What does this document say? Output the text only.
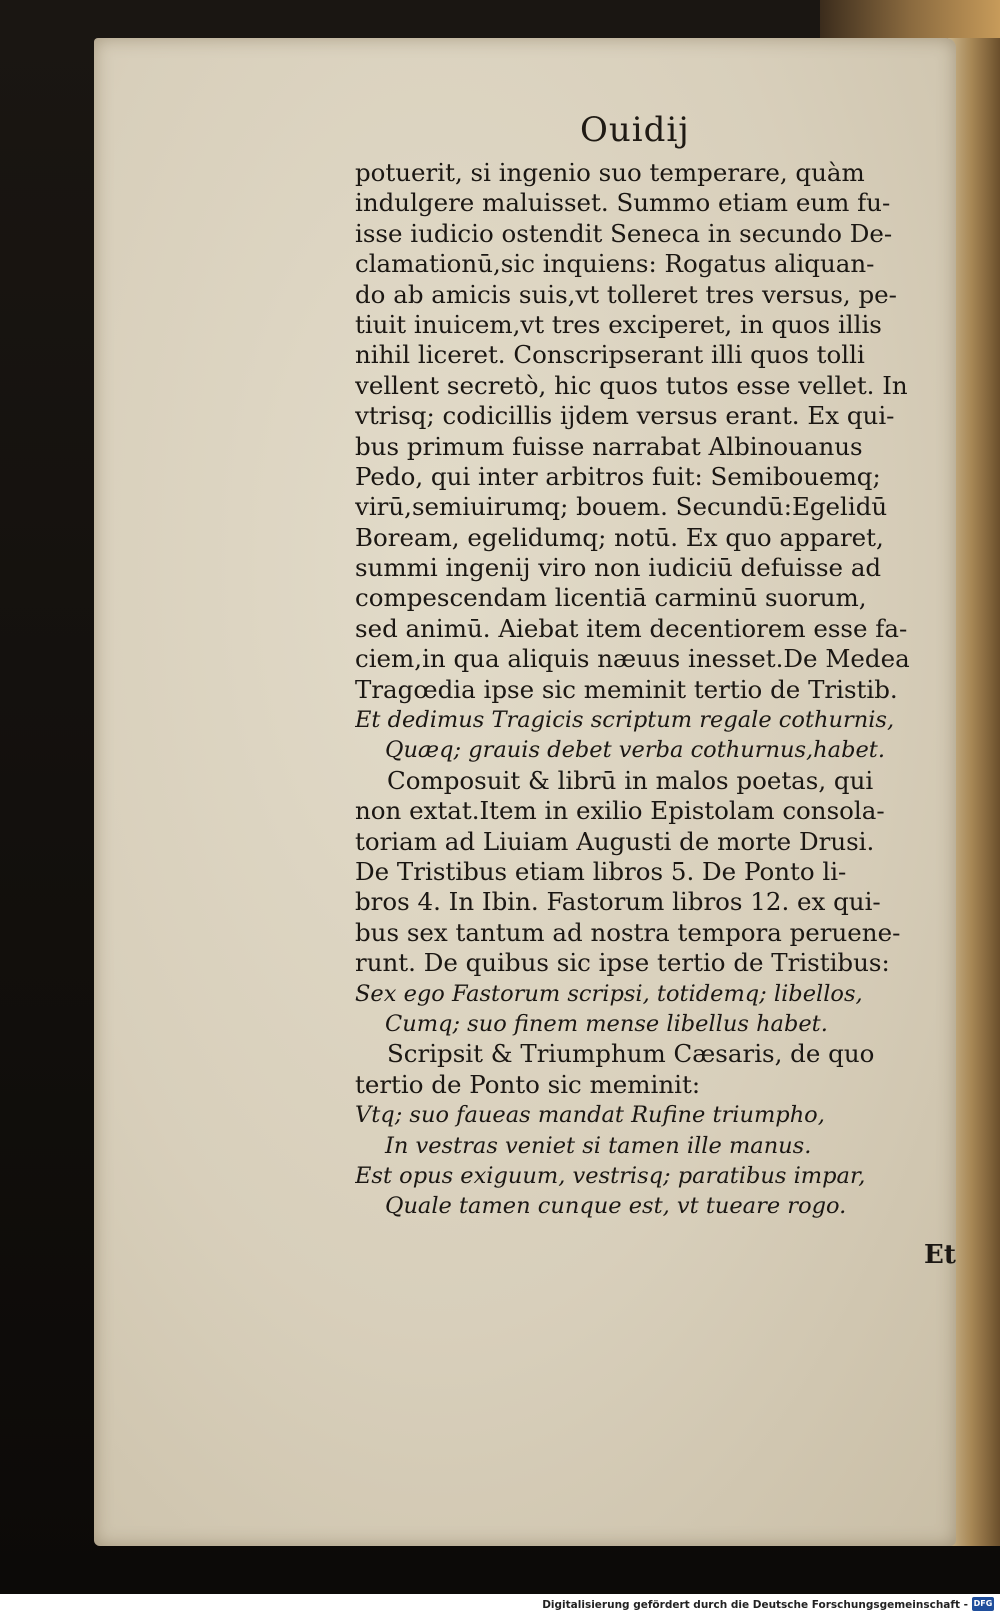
Ouidij
potuerit, si ingenio suo temperare, quàm
indulgere maluisset. Summo etiam eum fu-
isse iudicio ostendit Seneca in secundo De-
clamationū,sic inquiens: Rogatus aliquan-
do ab amicis suis,vt tolleret tres versus, pe-
tiuit inuicem,vt tres exciperet, in quos illis
nihil liceret. Conscripserant illi quos tolli
vellent secretò, hic quos tutos esse vellet. In
vtrisq; codicillis ijdem versus erant. Ex qui-
bus primum fuisse narrabat Albinouanus
Pedo, qui inter arbitros fuit: Semibouemq;
virū,semiuirumq; bouem. Secundū:Egelidū
Boream, egelidumq; notū. Ex quo apparet,
summi ingenij viro non iudiciū defuisse ad
compescendam licentiā carminū suorum,
sed animū. Aiebat item decentiorem esse fa-
ciem,in qua aliquis næuus inesset.De Medea
Tragœdia ipse sic meminit tertio de Tristib.
Et dedimus Tragicis scriptum regale cothurnis,
Quæq; grauis debet verba cothurnus,habet.
Composuit & librū in malos poetas, qui
non extat.Item in exilio Epistolam consola-
toriam ad Liuiam Augusti de morte Drusi.
De Tristibus etiam libros 5. De Ponto li-
bros 4. In Ibin. Fastorum libros 12. ex qui-
bus sex tantum ad nostra tempora peruene-
runt. De quibus sic ipse tertio de Tristibus:
Sex ego Fastorum scripsi, totidemq; libellos,
Cumq; suo finem mense libellus habet.
Scripsit & Triumphum Cæsaris, de quo
tertio de Ponto sic meminit:
Vtq; suo faueas mandat Rufine triumpho,
In vestras veniet si tamen ille manus.
Est opus exiguum, vestrisq; paratibus impar,
Quale tamen cunque est, vt tueare rogo.
Et
Digitalisierung gefördert durch die Deutsche Forschungsgemeinschaft - DFG
